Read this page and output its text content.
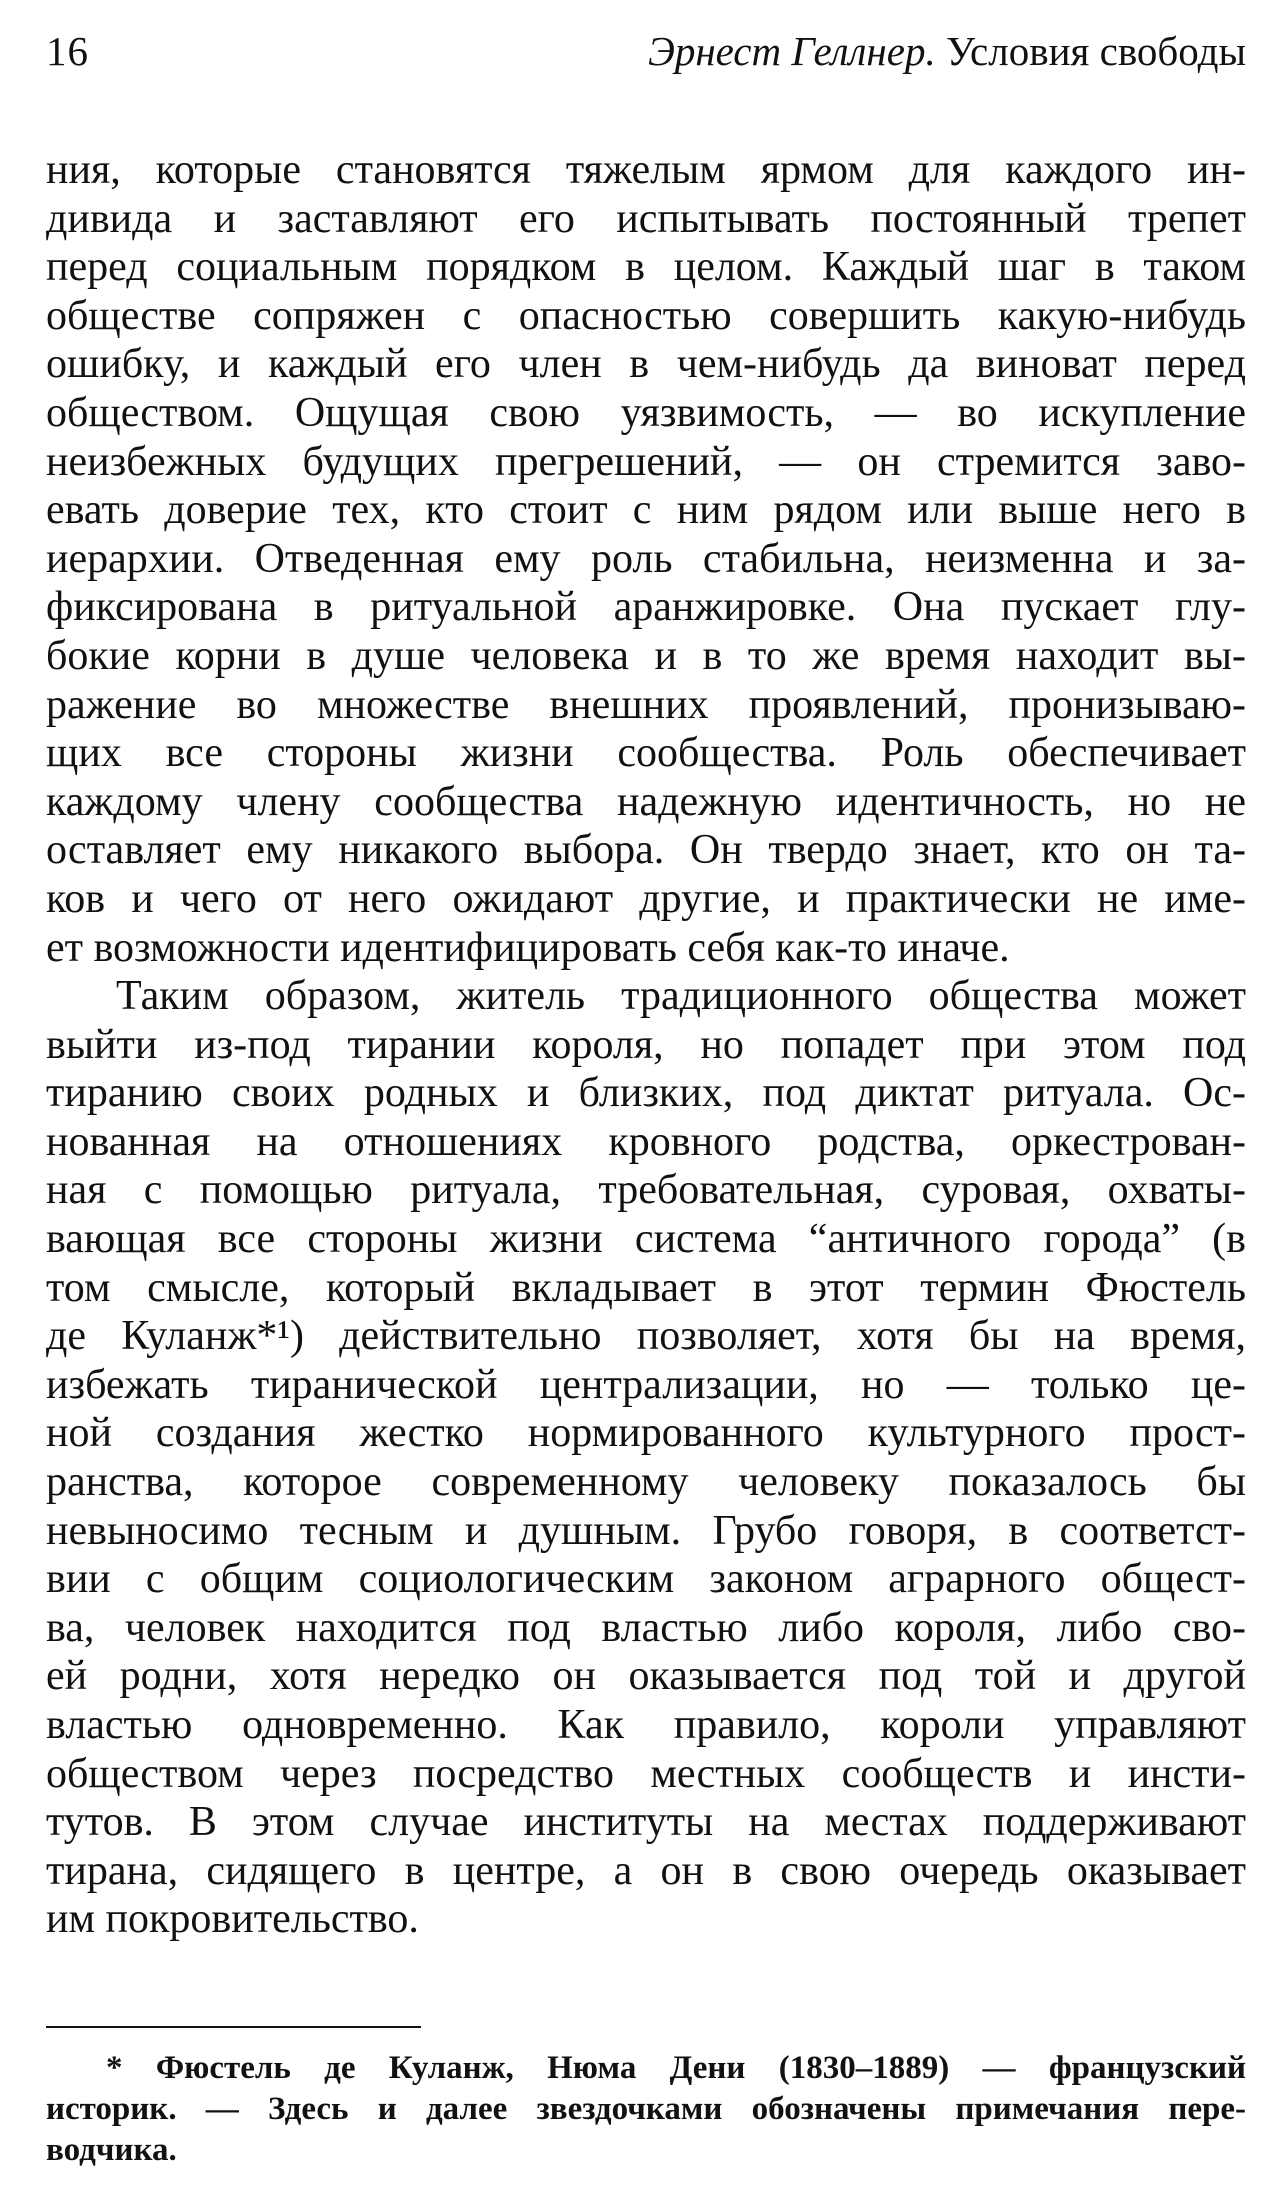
16	Эрнест Геллнер. Условия свободы
ния, которые становятся тяжелым ярмом для каждого ин-
дивида и заставляют его испытывать постоянный трепет
перед социальным порядком в целом. Каждый шаг в таком
обществе сопряжен с опасностью совершить какую-нибудь
ошибку, и каждый его член в чем-нибудь да виноват перед
обществом. Ощущая свою уязвимость, — во искупление
неизбежных будущих прегрешений, — он стремится заво-
евать доверие тех, кто стоит с ним рядом или выше него в
иерархии. Отведенная ему роль стабильна, неизменна и за-
фиксирована в ритуальной аранжировке. Она пускает глу-
бокие корни в душе человека и в то же время находит вы-
ражение во множестве внешних проявлений, пронизываю-
щих все стороны жизни сообщества. Роль обеспечивает
каждому члену сообщества надежную идентичность, но не
оставляет ему никакого выбора. Он твердо знает, кто он та-
ков и чего от него ожидают другие, и практически не име-
ет возможности идентифицировать себя как-то иначе.
Таким образом, житель традиционного общества может
выйти из-под тирании короля, но попадет при этом под
тиранию своих родных и близких, под диктат ритуала. Ос-
нованная на отношениях кровного родства, оркестрован-
ная с помощью ритуала, требовательная, суровая, охваты-
вающая все стороны жизни система “античного города” (в
том смысле, который вкладывает в этот термин Фюстель
де Куланж*¹) действительно позволяет, хотя бы на время,
избежать тиранической централизации, но — только це-
ной создания жестко нормированного культурного прост-
ранства, которое современному человеку показалось бы
невыносимо тесным и душным. Грубо говоря, в соответст-
вии с общим социологическим законом аграрного общест-
ва, человек находится под властью либо короля, либо сво-
ей родни, хотя нередко он оказывается под той и другой
властью одновременно. Как правило, короли управляют
обществом через посредство местных сообществ и инсти-
тутов. В этом случае институты на местах поддерживают
тирана, сидящего в центре, а он в свою очередь оказывает
им покровительство.
* Фюстель де Куланж, Нюма Дени (1830–1889) — французский
историк. — Здесь и далее звездочками обозначены примечания пере-
водчика.
